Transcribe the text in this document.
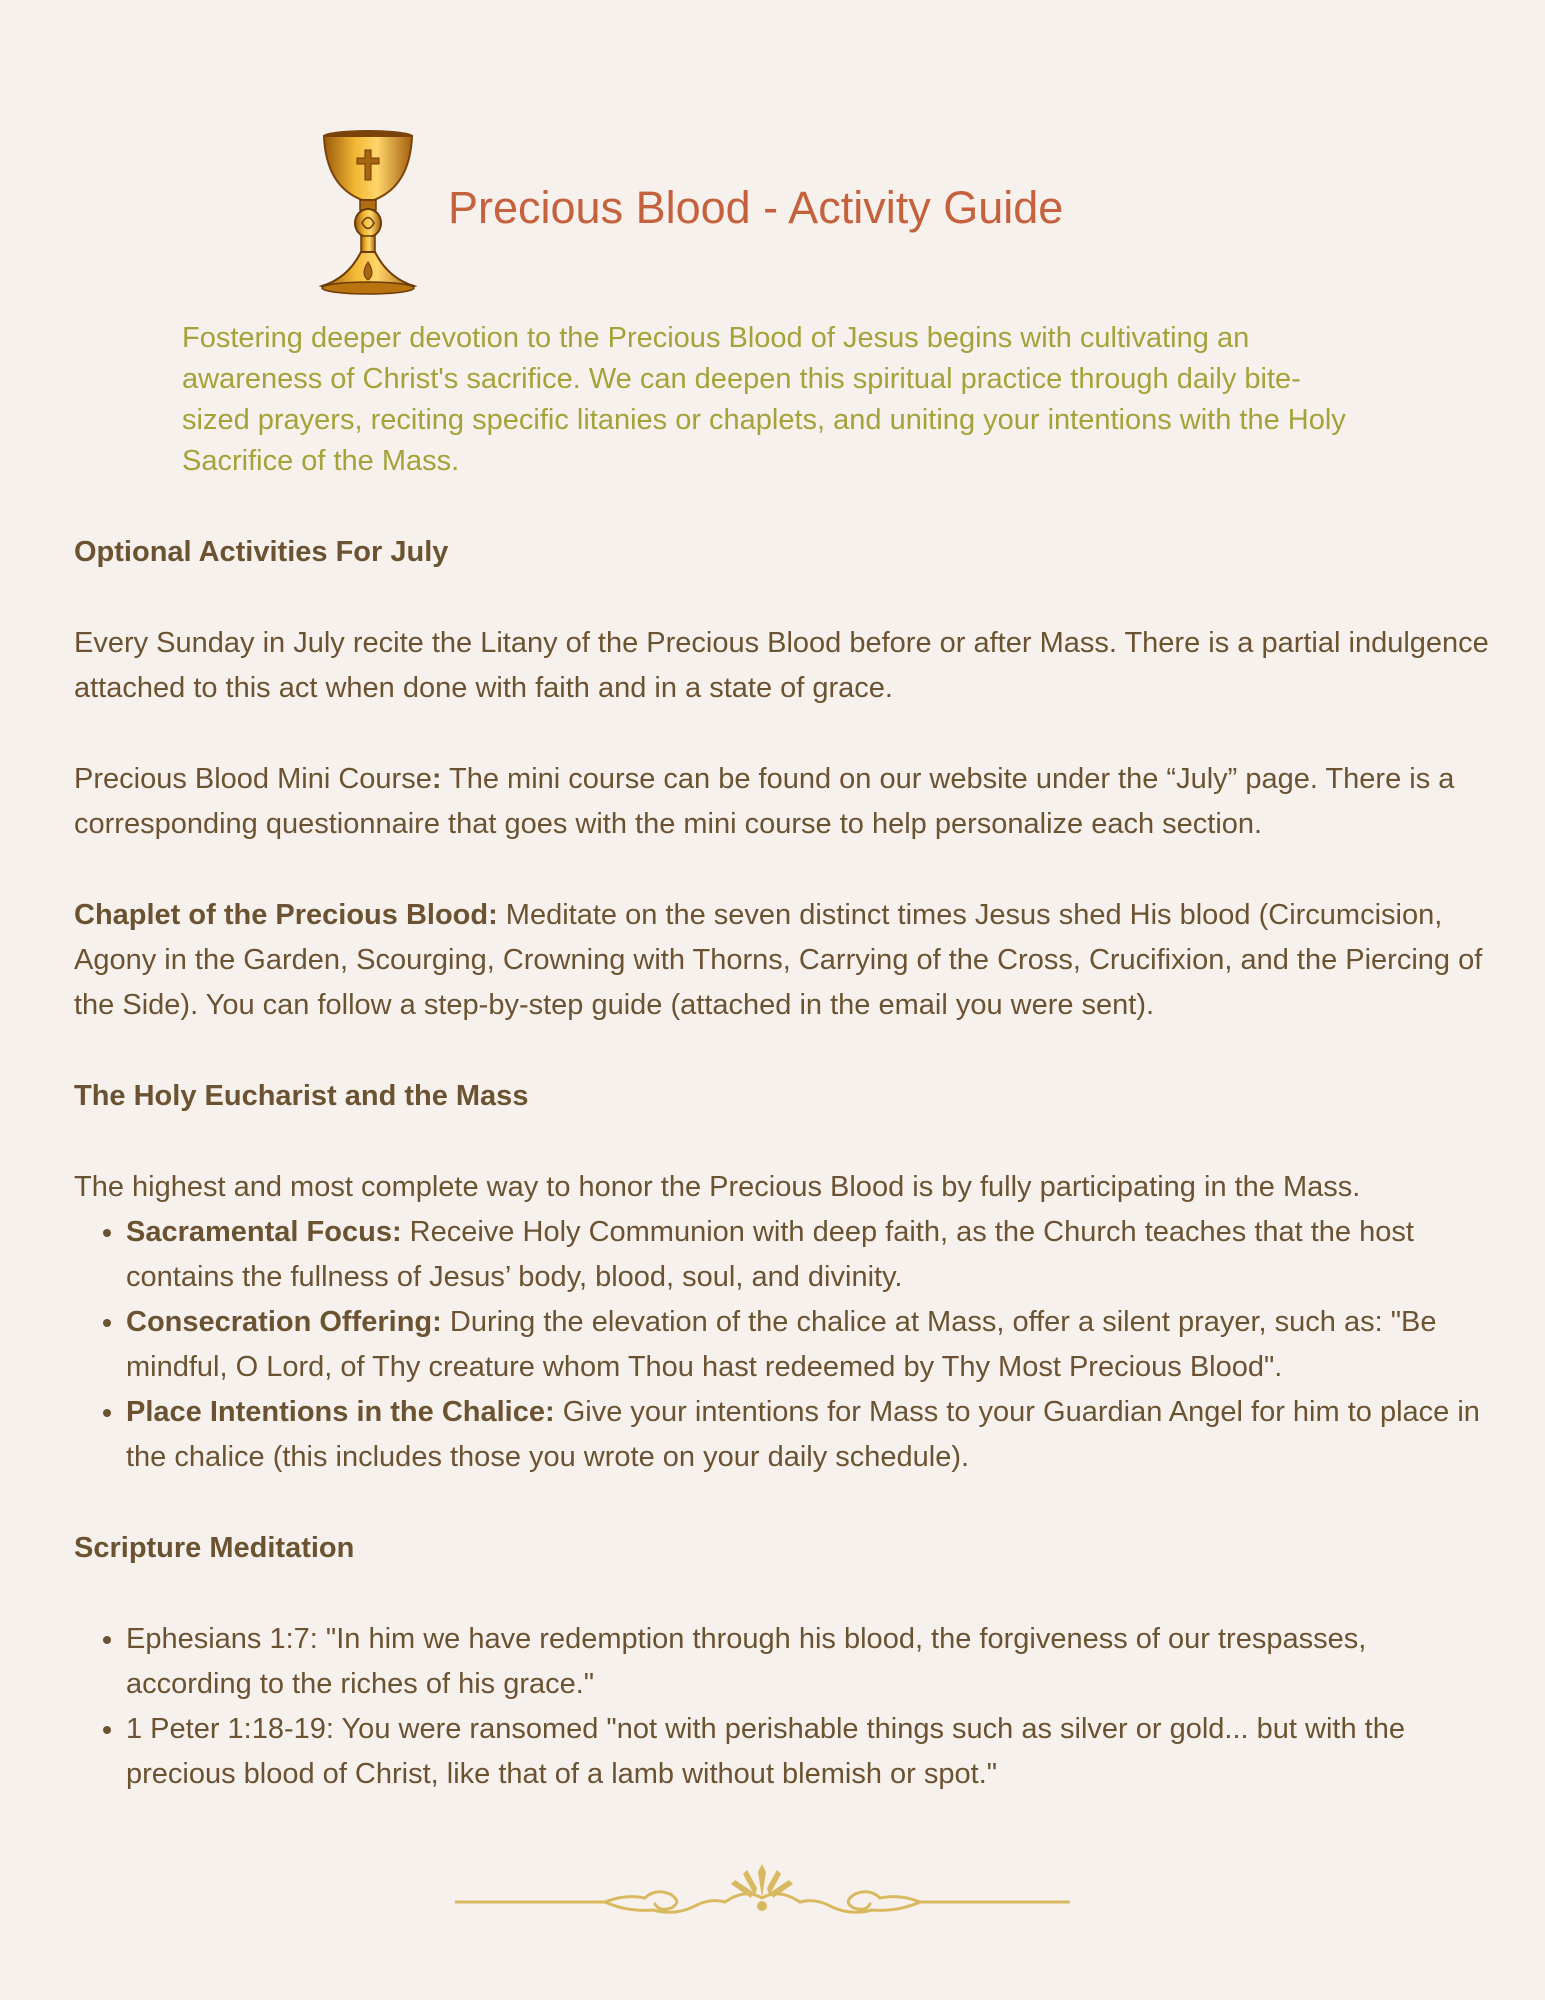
Precious Blood - Activity Guide

Fostering deeper devotion to the Precious Blood of Jesus begins with cultivating an awareness of Christ's sacrifice. We can deepen this spiritual practice through daily bite-sized prayers, reciting specific litanies or chaplets, and uniting your intentions with the Holy Sacrifice of the Mass.

Optional Activities For July

Every Sunday in July recite the Litany of the Precious Blood before or after Mass. There is a partial indulgence attached to this act when done with faith and in a state of grace.

Precious Blood Mini Course: The mini course can be found on our website under the “July” page. There is a corresponding questionnaire that goes with the mini course to help personalize each section.

Chaplet of the Precious Blood: Meditate on the seven distinct times Jesus shed His blood (Circumcision, Agony in the Garden, Scourging, Crowning with Thorns, Carrying of the Cross, Crucifixion, and the Piercing of the Side). You can follow a step-by-step guide (attached in the email you were sent).

The Holy Eucharist and the Mass

The highest and most complete way to honor the Precious Blood is by fully participating in the Mass.

• Sacramental Focus: Receive Holy Communion with deep faith, as the Church teaches that the host contains the fullness of Jesus’ body, blood, soul, and divinity.
• Consecration Offering: During the elevation of the chalice at Mass, offer a silent prayer, such as: "Be mindful, O Lord, of Thy creature whom Thou hast redeemed by Thy Most Precious Blood".
• Place Intentions in the Chalice: Give your intentions for Mass to your Guardian Angel for him to place in the chalice (this includes those you wrote on your daily schedule).
Scripture Meditation
• Ephesians 1:7: "In him we have redemption through his blood, the forgiveness of our trespasses, according to the riches of his grace."
• 1 Peter 1:18-19: You were ransomed "not with perishable things such as silver or gold... but with the precious blood of Christ, like that of a lamb without blemish or spot."
